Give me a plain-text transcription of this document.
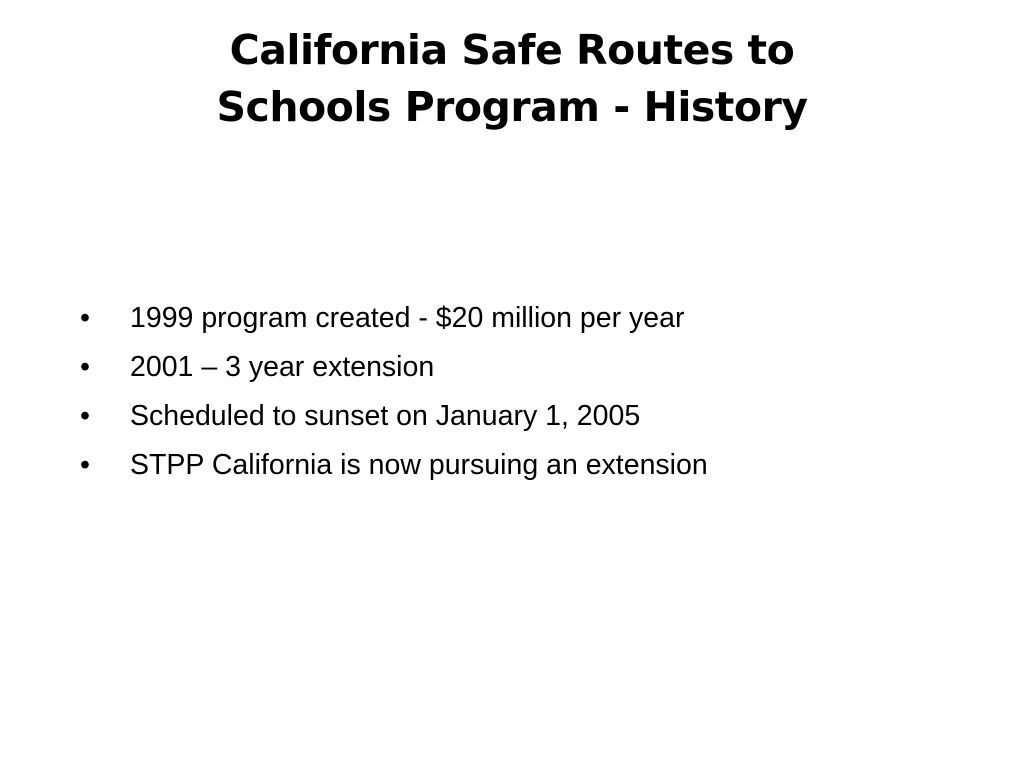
California Safe Routes to
Schools Program - History
• 1999 program created - $20 million per year
• 2001 – 3 year extension
• Scheduled to sunset on January 1, 2005
• STPP California is now pursuing an extension
